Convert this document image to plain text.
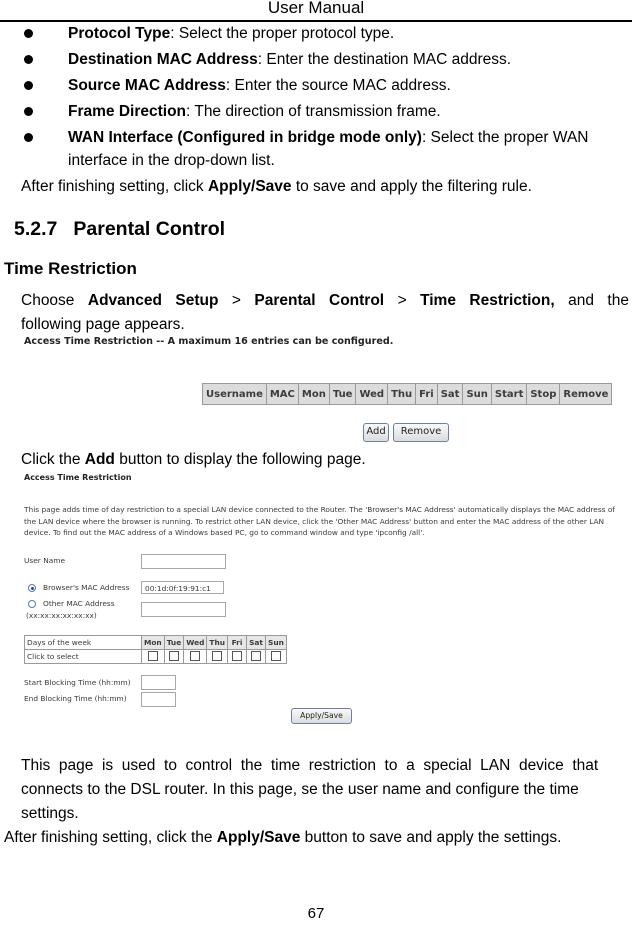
User Manual
Protocol Type: Select the proper protocol type.
Destination MAC Address: Enter the destination MAC address.
Source MAC Address: Enter the source MAC address.
Frame Direction: The direction of transmission frame.
WAN Interface (Configured in bridge mode only): Select the proper WAN
interface in the drop-down list.
After finishing setting, click Apply/Save to save and apply the filtering rule.
5.2.7 Parental Control
Time Restriction
Choose Advanced Setup > Parental Control > Time Restriction, and the
following page appears.
Access Time Restriction -- A maximum 16 entries can be configured.
Username	MAC	Mon	Tue	Wed	Thu	Fri	Sat	Sun	Start	Stop	Remove
Add	Remove
Click the Add button to display the following page.
Access Time Restriction
This page adds time of day restriction to a special LAN device connected to the Router. The 'Browser's MAC Address' automatically displays the MAC address of
the LAN device where the browser is running. To restrict other LAN device, click the 'Other MAC Address' button and enter the MAC address of the other LAN
device. To find out the MAC address of a Windows based PC, go to command window and type 'ipconfig /all'.
User Name
Browser's MAC Address	00:1d:0f:19:91:c1
Other MAC Address
(xx:xx:xx:xx:xx:xx)
Days of the week	Mon	Tue	Wed	Thu	Fri	Sat	Sun
Click to select							
Start Blocking Time (hh:mm)
End Blocking Time (hh:mm)
Apply/Save
This  page  is  used  to  control  the  time  restriction  to  a  special  LAN  device  that
connects to the DSL router. In this page, se the user name and configure the time
settings.
After finishing setting, click the Apply/Save button to save and apply the settings.
67
